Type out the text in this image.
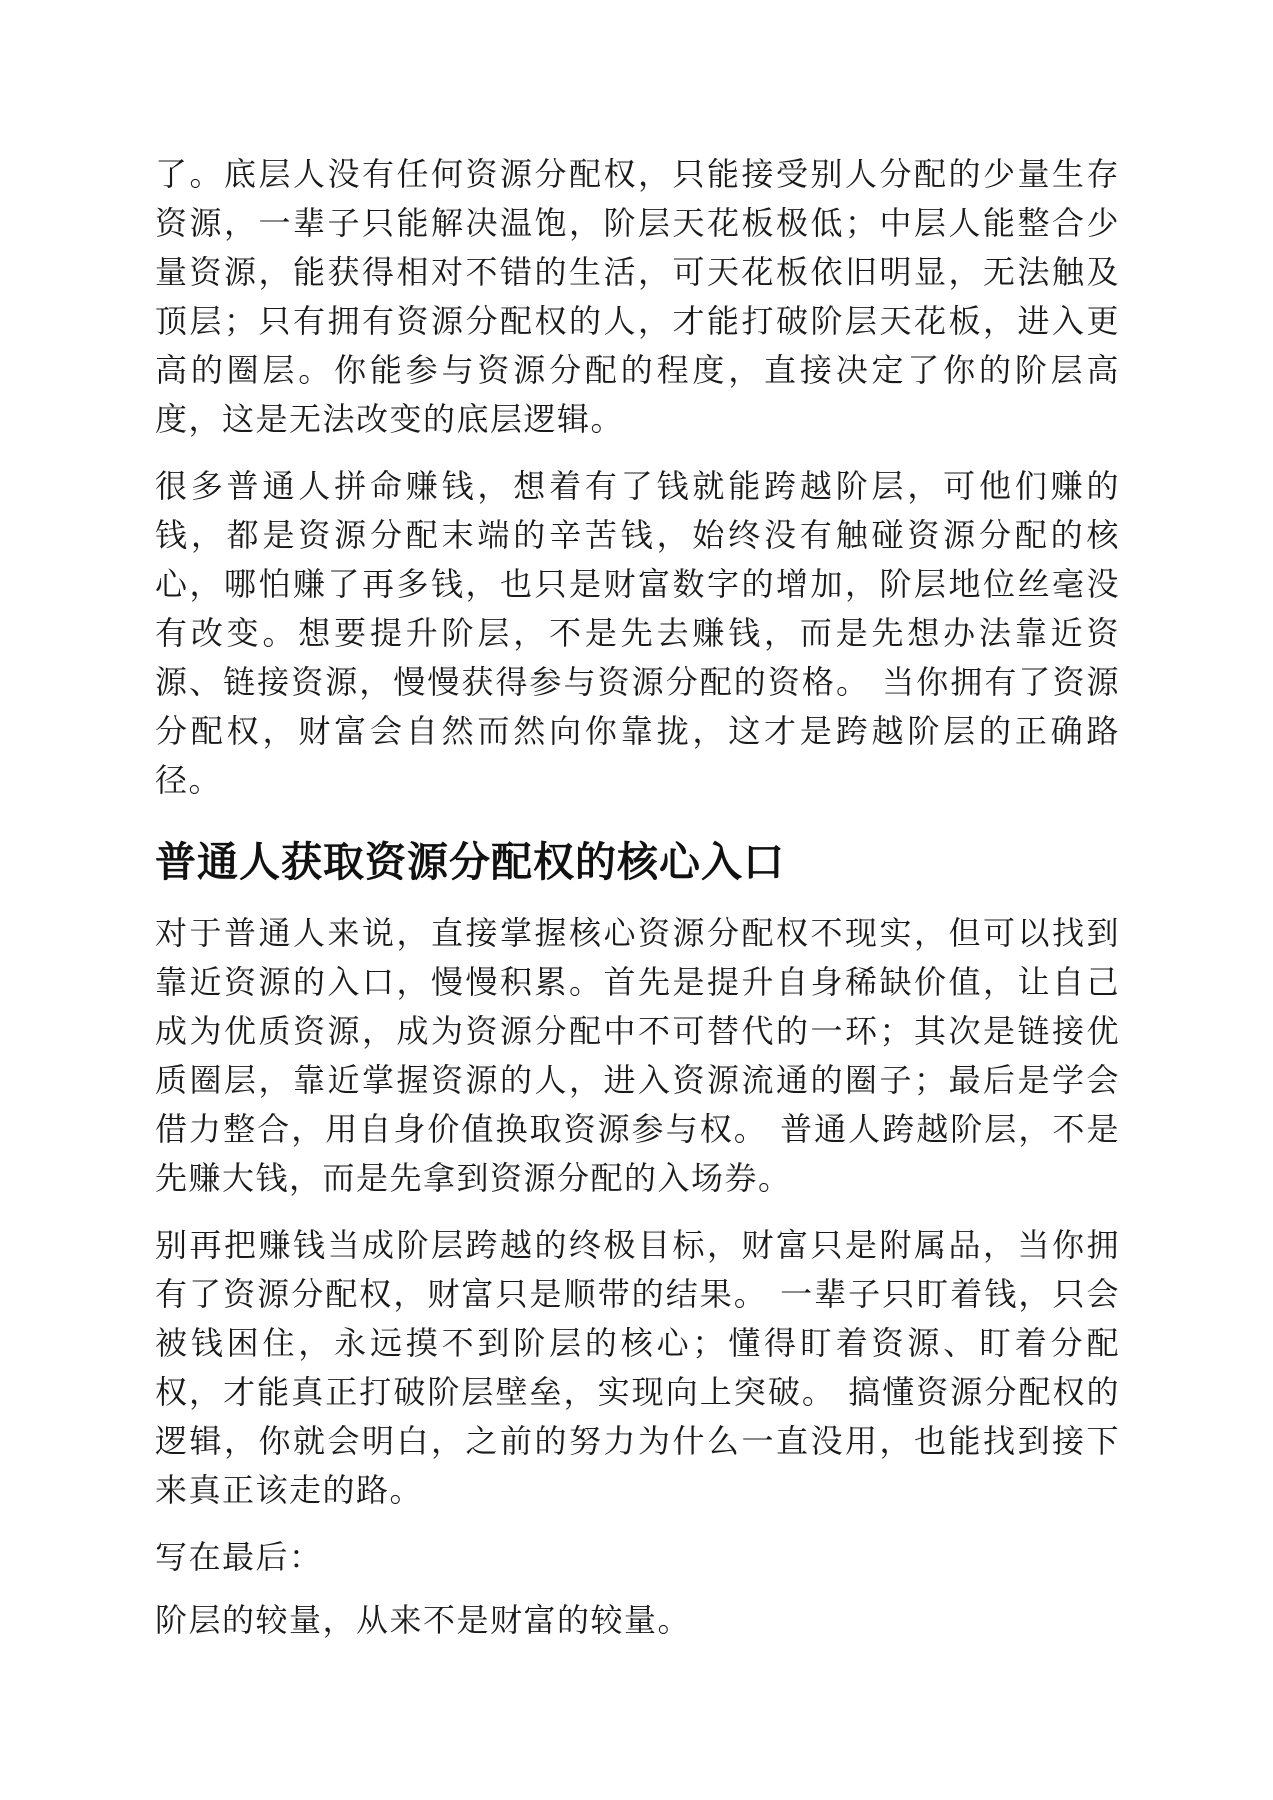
了。底层人没有任何资源分配权，只能接受别人分配的少量生存资源，一辈子只能解决温饱，阶层天花板极低；中层人能整合少量资源，能获得相对不错的生活，可天花板依旧明显，无法触及顶层；只有拥有资源分配权的人，才能打破阶层天花板，进入更高的圈层。你能参与资源分配的程度，直接决定了你的阶层高度，这是无法改变的底层逻辑。

很多普通人拼命赚钱，想着有了钱就能跨越阶层，可他们赚的钱，都是资源分配末端的辛苦钱，始终没有触碰资源分配的核心，哪怕赚了再多钱，也只是财富数字的增加，阶层地位丝毫没有改变。想要提升阶层，不是先去赚钱，而是先想办法靠近资源、链接资源，慢慢获得参与资源分配的资格。 当你拥有了资源分配权，财富会自然而然向你靠拢，这才是跨越阶层的正确路径。

普通人获取资源分配权的核心入口

对于普通人来说，直接掌握核心资源分配权不现实，但可以找到靠近资源的入口，慢慢积累。首先是提升自身稀缺价值，让自己成为优质资源，成为资源分配中不可替代的一环；其次是链接优质圈层，靠近掌握资源的人，进入资源流通的圈子；最后是学会借力整合，用自身价值换取资源参与权。 普通人跨越阶层，不是先赚大钱，而是先拿到资源分配的入场券。

别再把赚钱当成阶层跨越的终极目标，财富只是附属品，当你拥有了资源分配权，财富只是顺带的结果。 一辈子只盯着钱，只会被钱困住，永远摸不到阶层的核心；懂得盯着资源、盯着分配权，才能真正打破阶层壁垒，实现向上突破。 搞懂资源分配权的逻辑，你就会明白，之前的努力为什么一直没用，也能找到接下来真正该走的路。

写在最后：

阶层的较量，从来不是财富的较量。
